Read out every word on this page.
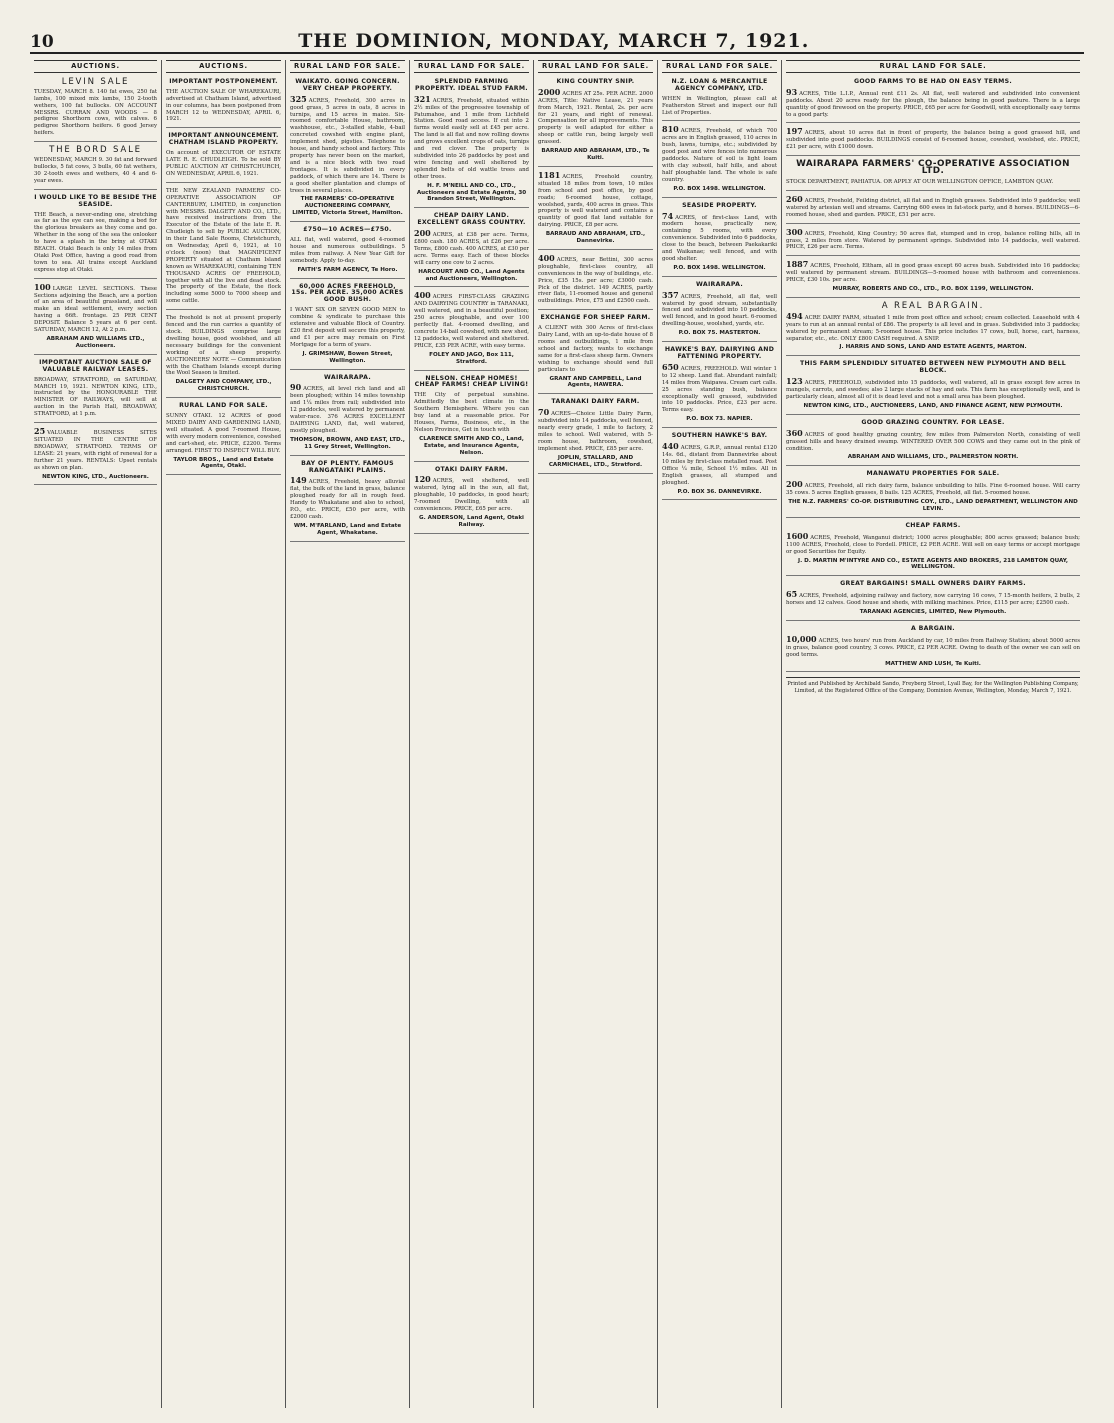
10	THE DOMINION, MONDAY, MARCH 7, 1921.
AUCTIONS.
LEVIN SALE
TUESDAY, MARCH 8. 140 fat ewes, 250 fat lambs, 100 mixed mix lambs, 150 2-tooth wethers, 100 fat bullocks. ON ACCOUNT MESSRS. CURRAN AND WOODS — 8 pedigree Shorthorn cows, with calves. 6 pedigree Shorthorn heifers. 6 good Jersey heifers.
THE BORD SALE
WEDNESDAY, MARCH 9. 30 fat and forward bullocks, 5 fat cows, 3 bulls, 60 fat wethers, 30 2-tooth ewes and wethers, 40 4 and 6-year ewes.
I WOULD LIKE TO BE BESIDE THE SEASIDE.
THE Beach, a never-ending one, stretching as far as the eye can see, making a bed for the glorious breakers as they come and go. Whether in the song of the sea the onlooker to have a splash in the briny at OTAKI BEACH. Otaki Beach is only 14 miles from Otaki Post Office, having a good road from town to sea. All trains except Auckland express stop at Otaki.
100 LARGE LEVEL SECTIONS. These Sections adjoining the Beach, are a portion of an area of beautiful grassland, and will make an ideal settlement, every section having a 66ft. frontage. 25 PER CENT DEPOSIT. Balance 5 years at 6 per cent. SATURDAY, MARCH 12, At 2 p.m.
ABRAHAM AND WILLIAMS LTD., Auctioneers.
IMPORTANT AUCTION SALE OF VALUABLE RAILWAY LEASES.
BROADWAY, STRATFORD, on SATURDAY, MARCH 19, 1921. NEWTON KING, LTD., instructed by the HONOURABLE THE MINISTER OF RAILWAYS, will sell at auction in the Parish Hall, BROADWAY, STRATFORD, at 1 p.m.
25 VALUABLE BUSINESS SITES SITUATED IN THE CENTRE OF BROADWAY, STRATFORD. TERMS OF LEASE: 21 years, with right of renewal for a further 21 years. RENTALS: Upset rentals as shown on plan.
NEWTON KING, LTD., Auctioneers.
AUCTIONS.
IMPORTANT POSTPONEMENT.
THE AUCTION SALE OF WHAREKAURI, advertised at Chatham Island, advertised in our columns, has been postponed from MARCH 12 to WEDNESDAY, APRIL 6, 1921.
IMPORTANT ANNOUNCEMENT. CHATHAM ISLAND PROPERTY.
On account of EXECUTOR OF ESTATE LATE R. E. CHUDLEIGH. To be sold BY PUBLIC AUCTION AT CHRISTCHURCH, ON WEDNESDAY, APRIL 6, 1921.
THE NEW ZEALAND FARMERS' CO-OPERATIVE ASSOCIATION OF CANTERBURY, LIMITED, in conjunction with MESSRS. DALGETY AND CO., LTD., have received instructions from the Executor of the Estate of the late E. R. Chudleigh to sell by PUBLIC AUCTION, in their Land Sale Rooms, Christchurch, on Wednesday, April 6, 1921, at 10 o'clock (noon) that MAGNIFICENT PROPERTY situated at Chatham Island known as WHAREKAURI, containing TEN THOUSAND ACRES OF FREEHOLD, together with all the live and dead stock. The property of the Estate, the flock including some 5000 to 7000 sheep and some cattle.
The freehold is not at present properly fenced and the run carries a quantity of stock. BUILDINGS comprise large dwelling house, good woolshed, and all necessary buildings for the convenient working of a sheep property. AUCTIONEERS' NOTE — Communication with the Chatham Islands except during the Wool Season is limited.
DALGETY AND COMPANY, LTD., CHRISTCHURCH.
RURAL LAND FOR SALE.
SUNNY OTAKI. 12 ACRES of good MIXED DAIRY AND GARDENING LAND, well situated. A good 7-roomed House, with every modern convenience, cowshed and cart-shed, etc. PRICE, £2200. Terms arranged. FIRST TO INSPECT WILL BUY.
TAYLOR BROS., Land and Estate Agents, Otaki.
RURAL LAND FOR SALE.
WAIKATO. GOING CONCERN. VERY CHEAP PROPERTY.
325 ACRES, Freehold, 300 acres in good grass, 5 acres in oats, 8 acres in turnips, and 15 acres in maize. Six-roomed comfortable House, bathroom, washhouse, etc., 3-stalled stable, 4-bail concreted cowshed with engine plant, implement shed, pigsties. Telephone to house, and handy school and factory. This property has never been on the market, and is a nice block with two road frontages. It is subdivided in every paddock, of which there are 14. There is a good shelter plantation and clumps of trees in several places.
THE FARMERS' CO-OPERATIVE AUCTIONEERING COMPANY, LIMITED, Victoria Street, Hamilton.
£750—10 ACRES—£750.
ALL flat, well watered, good 4-roomed house and numerous outbuildings. 5 miles from railway. A New Year Gift for somebody. Apply to-day.
FAITH'S FARM AGENCY, Te Horo.
60,000 ACRES FREEHOLD, 15s. PER ACRE. 35,000 ACRES GOOD BUSH.
I WANT SIX OR SEVEN GOOD MEN to combine & syndicate to purchase this extensive and valuable Block of Country. £20 first deposit will secure this property, and £1 per acre may remain on First Mortgage for a term of years.
J. GRIMSHAW, Bowen Street, Wellington.
WAIRARAPA.
90 ACRES, all level rich land and all been ploughed; within 14 miles township and 1¼ miles from rail; subdivided into 12 paddocks, well watered by permanent water-race. 376 ACRES EXCELLENT DAIRYING LAND, flat, well watered, mostly ploughed.
THOMSON, BROWN, AND EAST, LTD., 11 Grey Street, Wellington.
BAY OF PLENTY. FAMOUS RANGATAIKI PLAINS.
149 ACRES, Freehold, heavy alluvial flat, the bulk of the land in grass, balance ploughed ready for all in rough feed. Handy to Whakatane and also to school, P.O., etc. PRICE, £50 per acre, with £2000 cash.
WM. M'FARLAND, Land and Estate Agent, Whakatane.
RURAL LAND FOR SALE.
SPLENDID FARMING PROPERTY. IDEAL STUD FARM.
321 ACRES, Freehold, situated within 2½ miles of the progressive township of Patumahoe, and 1 mile from Lichfield Station. Good road access. If cut into 2 farms would easily sell at £45 per acre. The land is all flat and now rolling downs and grows excellent crops of oats, turnips and red clover. The property is subdivided into 26 paddocks by post and wire fencing and well sheltered by splendid belts of old wattle trees and other trees.
H. F. M'NEILL AND CO., LTD., Auctioneers and Estate Agents, 30 Brandon Street, Wellington.
CHEAP DAIRY LAND. EXCELLENT GRASS COUNTRY.
200 ACRES, at £38 per acre. Terms, £800 cash. 180 ACRES, at £26 per acre. Terms, £800 cash. 400 ACRES, at £30 per acre. Terms easy. Each of these blocks will carry one cow to 2 acres.
HARCOURT AND CO., Land Agents and Auctioneers, Wellington.
400 ACRES FIRST-CLASS GRAZING AND DAIRYING COUNTRY in TARANAKI, well watered, and in a beautiful position; 250 acres ploughable, and over 100 perfectly flat. 4-roomed dwelling, and concrete 14-bail cowshed, with new shed, 12 paddocks, well watered and sheltered. PRICE, £35 PER ACRE, with easy terms.
FOLEY AND JAGO, Box 111, Stratford.
NELSON. CHEAP HOMES! CHEAP FARMS! CHEAP LIVING!
THE City of perpetual sunshine. Admittedly the best climate in the Southern Hemisphere. Where you can buy land at a reasonable price. For Houses, Farms, Business, etc., in the Nelson Province, Get in touch with
CLARENCE SMITH AND CO., Land, Estate, and Insurance Agents, Nelson.
OTAKI DAIRY FARM.
120 ACRES, well sheltered, well watered, lying all in the sun, all flat, ploughable, 10 paddocks, in good heart; 7-roomed Dwelling, with all conveniences. PRICE, £65 per acre.
G. ANDERSON, Land Agent, Otaki Railway.
RURAL LAND FOR SALE.
KING COUNTRY SNIP.
2000 ACRES AT 25s. PER ACRE. 2000 ACRES, Title: Native Lease, 21 years from March, 1921. Rental, 2s. per acre for 21 years, and right of renewal. Compensation for all improvements. This property is well adapted for either a sheep or cattle run, being largely well grassed.
BARRAUD AND ABRAHAM, LTD., Te Kuiti.
1181 ACRES, Freehold country, situated 18 miles from town, 10 miles from school and post office, by good roads; 6-roomed house, cottage, woolshed, yards, 400 acres in grass. This property is well watered and contains a quantity of good flat land suitable for dairying. PRICE, £8 per acre.
BARRAUD AND ABRAHAM, LTD., Dannevirke.
400 ACRES, near Bettini, 300 acres ploughable, first-class country, all conveniences in the way of buildings, etc. Price, £35 15s. per acre; £3000 cash. Pick of the district. 149 ACRES, partly river flats, 11-roomed house and general outbuildings. Price, £75 and £2500 cash.
EXCHANGE FOR SHEEP FARM.
A CLIENT with 300 Acres of first-class Dairy Land, with an up-to-date house of 8 rooms and outbuildings, 1 mile from school and factory, wants to exchange same for a first-class sheep farm. Owners wishing to exchange should send full particulars to
GRANT AND CAMPBELL, Land Agents, HAWERA.
TARANAKI DAIRY FARM.
70 ACRES—Choice Little Dairy Farm, subdivided into 14 paddocks, well fenced, nearly every grade, 1 mile to factory, 2 miles to school. Well watered, with 5-room house, bathroom, cowshed, implement shed. PRICE, £85 per acre.
JOPLIN, STALLARD, AND CARMICHAEL, LTD., Stratford.
RURAL LAND FOR SALE.
N.Z. LOAN & MERCANTILE AGENCY COMPANY, LTD.
WHEN in Wellington, please call at Featherston Street and inspect our full List of Properties.
810 ACRES, Freehold, of which 700 acres are in English grassed, 110 acres in bush, lawns, turnips, etc.; subdivided by good post and wire fences into numerous paddocks. Nature of soil is light loam with clay subsoil, half hills, and about half ploughable land. The whole is safe country.
P.O. BOX 1498. WELLINGTON.
SEASIDE PROPERTY.
74 ACRES, of first-class Land, with modern house, practically new, containing 5 rooms, with every convenience. Subdivided into 6 paddocks, close to the beach, between Paekakariki and Waikanae; well fenced, and with good shelter.
P.O. BOX 1498. WELLINGTON.
WAIRARAPA.
357 ACRES, Freehold, all flat, well watered by good stream, substantially fenced and subdivided into 10 paddocks, well fenced, and in good heart. 6-roomed dwelling-house, woolshed, yards, etc.
P.O. BOX 75. MASTERTON.
HAWKE'S BAY. DAIRYING AND FATTENING PROPERTY.
650 ACRES, FREEHOLD. Will winter 1 to 12 sheep. Land flat. Abundant rainfall; 14 miles from Waipawa. Cream cart calls. 25 acres standing bush, balance exceptionally well grassed, subdivided into 10 paddocks. Price, £23 per acre. Terms easy.
P.O. BOX 73. NAPIER.
SOUTHERN HAWKE'S BAY.
440 ACRES, G.R.P., annual rental £120 14s. 6d., distant from Dannevirke about 10 miles by first-class metalled road. Post Office ¼ mile, School 1½ miles. All in English grasses, all stumped and ploughed.
P.O. BOX 36. DANNEVIRKE.
RURAL LAND FOR SALE.
GOOD FARMS TO BE HAD ON EASY TERMS.
93 ACRES, Title L.I.P., Annual rent £11 2s. All flat, well watered and subdivided into convenient paddocks. About 20 acres ready for the plough, the balance being in good pasture. There is a large quantity of good firewood on the property. PRICE, £65 per acre for Goodwill, with exceptionally easy terms to a good party.
197 ACRES, about 10 acres flat in front of property, the balance being a good grassed hill, and subdivided into good paddocks. BUILDINGS consist of 6-roomed house, cowshed, woolshed, etc. PRICE, £21 per acre, with £1000 down.
WAIRARAPA FARMERS' CO-OPERATIVE ASSOCIATION LTD.
STOCK DEPARTMENT, PAHIATUA. OR APPLY AT OUR WELLINGTON OFFICE, LAMBTON QUAY.
260 ACRES, Freehold, Feilding district, all flat and in English grasses. Subdivided into 9 paddocks; well watered by artesian well and streams. Carrying 600 ewes in fat-stock party, and 8 horses. BUILDINGS—6-roomed house, shed and garden. PRICE, £51 per acre.
300 ACRES, Freehold, King Country; 50 acres flat, stumped and in crop, balance rolling hills, all in grass, 2 miles from store. Watered by permanent springs. Subdivided into 14 paddocks, well watered. PRICE, £26 per acre. Terms.
1887 ACRES, Freehold, Eltham, all in good grass except 60 acres bush. Subdivided into 16 paddocks; well watered by permanent stream. BUILDINGS—5-roomed house with bathroom and conveniences. PRICE, £30 10s. per acre.
MURRAY, ROBERTS AND CO., LTD., P.O. BOX 1199, WELLINGTON.
A REAL BARGAIN.
494 ACRE DAIRY FARM, situated 1 mile from post office and school; cream collected. Leasehold with 4 years to run at an annual rental of £86. The property is all level and in grass. Subdivided into 3 paddocks; watered by permanent stream; 5-roomed house. This price includes 17 cows, bull, horse, cart, harness, separator, etc., etc. ONLY £800 CASH required. A SNIP.
J. HARRIS AND SONS, LAND AND ESTATE AGENTS, MARTON.
THIS FARM SPLENDIDLY SITUATED BETWEEN NEW PLYMOUTH AND BELL BLOCK.
123 ACRES, FREEHOLD, subdivided into 15 paddocks, well watered, all in grass except few acres in mangels, carrots, and swedes; also 2 large stacks of hay and oats. This farm has exceptionally well, and is particularly clean, almost all of it is dead level and not a small area has been ploughed.
NEWTON KING, LTD., AUCTIONEERS, LAND, AND FINANCE AGENT, NEW PLYMOUTH.
GOOD GRAZING COUNTRY. FOR LEASE.
360 ACRES of good healthy grazing country, few miles from Palmerston North, consisting of well grassed hills and heavy drained swamp. WINTERED OVER 500 COWS and they came out in the pink of condition.
ABRAHAM AND WILLIAMS, LTD., PALMERSTON NORTH.
MANAWATU PROPERTIES FOR SALE.
200 ACRES, Freehold, all rich dairy farm, balance unbuilding to hills. Fine 6-roomed house. Will carry 35 cows. 5 acres English grasses, 8 bails. 125 ACRES, Freehold, all flat. 5-roomed house.
THE N.Z. FARMERS' CO-OP. DISTRIBUTING COY., LTD., LAND DEPARTMENT, WELLINGTON AND LEVIN.
CHEAP FARMS.
1600 ACRES, Freehold, Wanganui district; 1000 acres ploughable; 800 acres grassed; balance bush; 1100 ACRES, Freehold, close to Fordell. PRICE, £2 PER ACRE. Will sell on easy terms or accept mortgage or good Securities for Equity.
J. D. MARTIN M'INTYRE AND CO., ESTATE AGENTS AND BROKERS, 218 LAMBTON QUAY, WELLINGTON.
GREAT BARGAINS! SMALL OWNERS DAIRY FARMS.
65 ACRES, Freehold, adjoining railway and factory, now carrying 16 cows, 7 15-month heifers, 2 bulls, 2 horses and 12 calves. Good house and sheds, with milking machines. Price, £115 per acre; £2500 cash.
TARANAKI AGENCIES, LIMITED, New Plymouth.
A BARGAIN.
10,000 ACRES, two hours' run from Auckland by car, 10 miles from Railway Station; about 5000 acres in grass, balance good country, 3 cows. PRICE, £2 PER ACRE. Owing to death of the owner we can sell on good terms.
MATTHEW AND LUSH, Te Kuiti.
Printed and Published by Archibald Sando, Freyberg Street, Lyall Bay, for the Wellington Publishing Company, Limited, at the Registered Office of the Company, Dominion Avenue, Wellington, Monday, March 7, 1921.
